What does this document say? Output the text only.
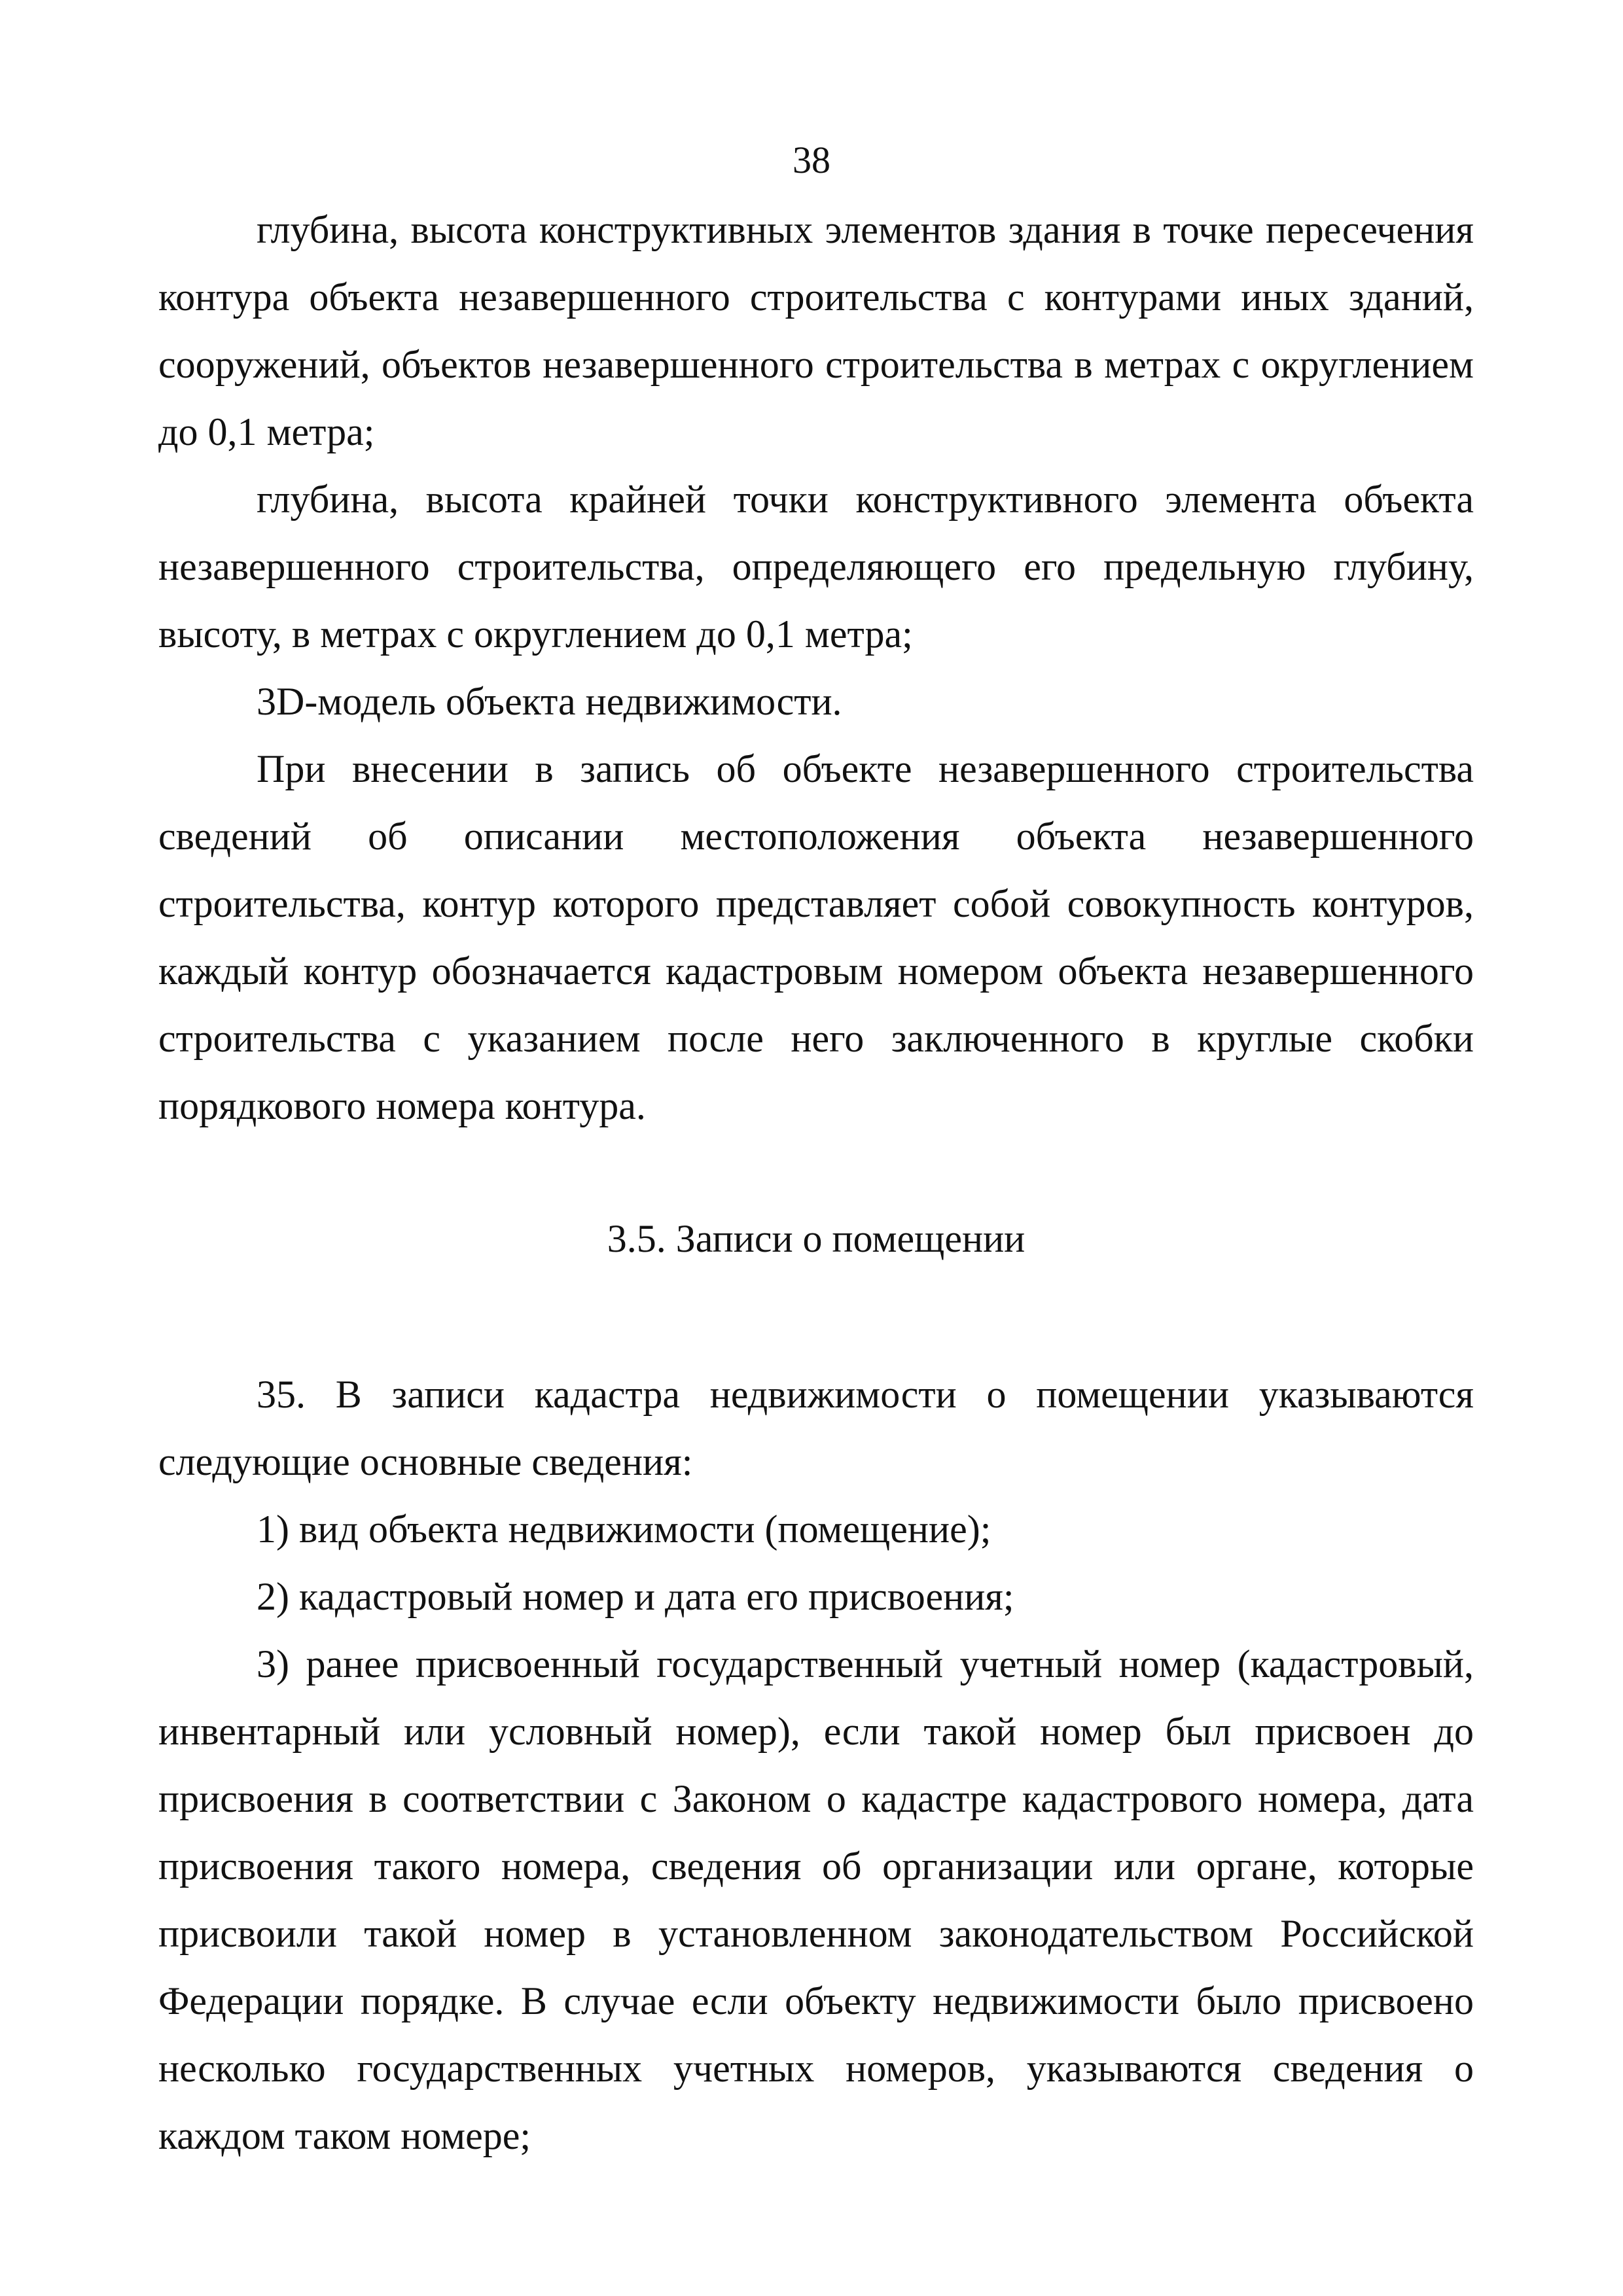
38

глубина, высота конструктивных элементов здания в точке пересечения контура объекта незавершенного строительства с контурами иных зданий, сооружений, объектов незавершенного строительства в метрах с округлением до 0,1 метра;

глубина, высота крайней точки конструктивного элемента объекта незавершенного строительства, определяющего его предельную глубину, высоту, в метрах с округлением до 0,1 метра;

3D-модель объекта недвижимости.

При внесении в запись об объекте незавершенного строительства сведений об описании местоположения объекта незавершенного строительства, контур которого представляет собой совокупность контуров, каждый контур обозначается кадастровым номером объекта незавершенного строительства с указанием после него заключенного в круглые скобки порядкового номера контура.

3.5. Записи о помещении

35. В записи кадастра недвижимости о помещении указываются следующие основные сведения:

1) вид объекта недвижимости (помещение);

2) кадастровый номер и дата его присвоения;

3) ранее присвоенный государственный учетный номер (кадастровый, инвентарный или условный номер), если такой номер был присвоен до присвоения в соответствии с Законом о кадастре кадастрового номера, дата присвоения такого номера, сведения об организации или органе, которые присвоили такой номер в установленном законодательством Российской Федерации порядке. В случае если объекту недвижимости было присвоено несколько государственных учетных номеров, указываются сведения о каждом таком номере;
